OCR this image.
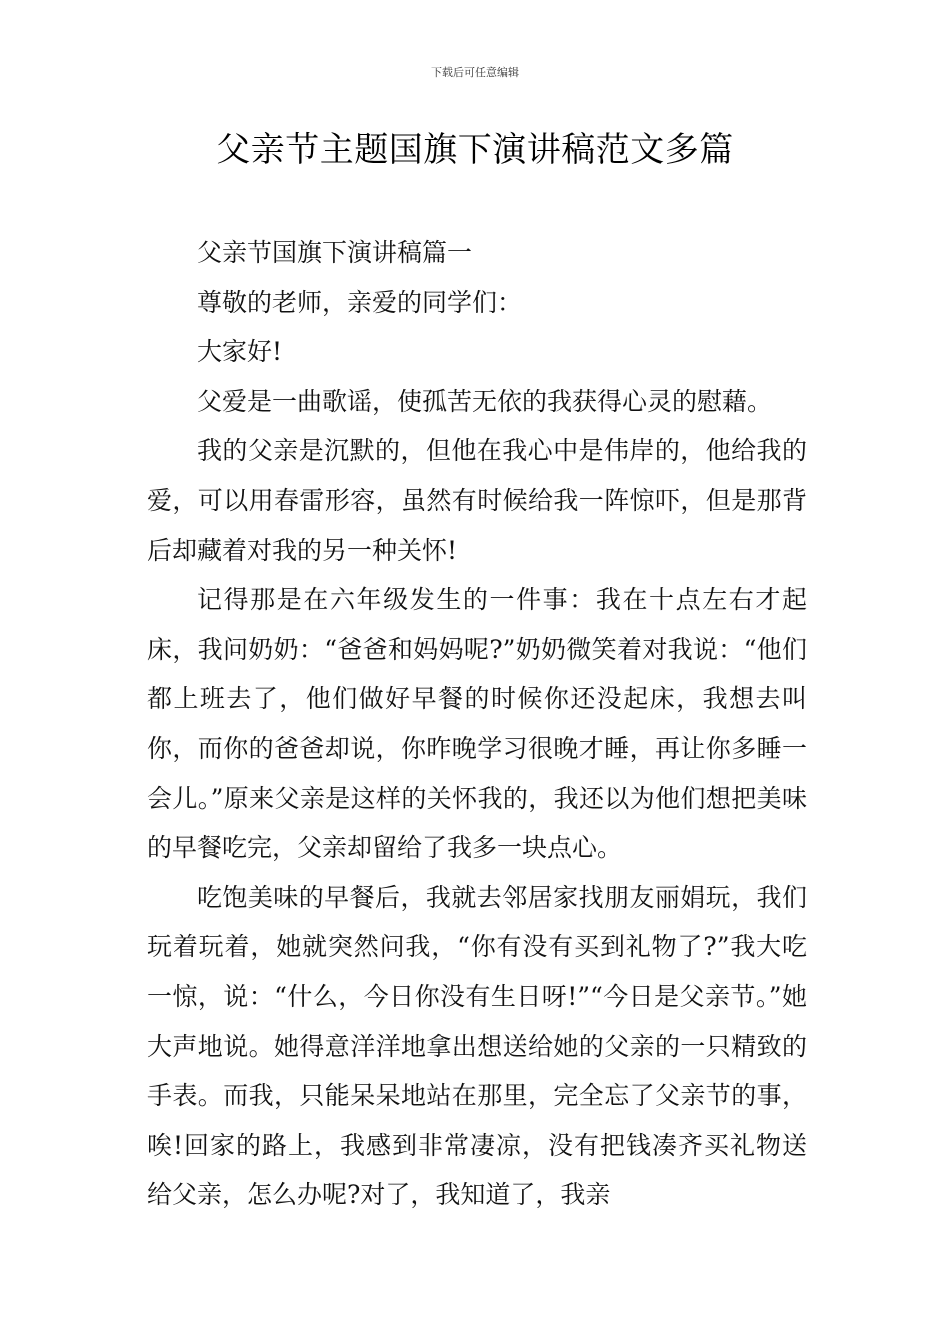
下载后可任意编辑
父亲节主题国旗下演讲稿范文多篇

父亲节国旗下演讲稿篇一

尊敬的老师，亲爱的同学们：

大家好!

父爱是一曲歌谣，使孤苦无依的我获得心灵的慰藉。

我的父亲是沉默的，但他在我心中是伟岸的，他给我的爱，可以用春雷形容，虽然有时候给我一阵惊吓，但是那背后却藏着对我的另一种关怀!

记得那是在六年级发生的一件事：我在十点左右才起床，我问奶奶：“爸爸和妈妈呢?”奶奶微笑着对我说：“他们都上班去了，他们做好早餐的时候你还没起床，我想去叫你，而你的爸爸却说，你昨晚学习很晚才睡，再让你多睡一会儿。”原来父亲是这样的关怀我的，我还以为他们想把美味的早餐吃完，父亲却留给了我多一块点心。

吃饱美味的早餐后，我就去邻居家找朋友丽娟玩，我们玩着玩着，她就突然问我，“你有没有买到礼物了?”我大吃一惊，说：“什么，今日你没有生日呀!”“今日是父亲节。”她大声地说。她得意洋洋地拿出想送给她的父亲的一只精致的手表。而我，只能呆呆地站在那里，完全忘了父亲节的事，唉!回家的路上，我感到非常凄凉，没有把钱凑齐买礼物送给父亲，怎么办呢?对了，我知道了，我亲
